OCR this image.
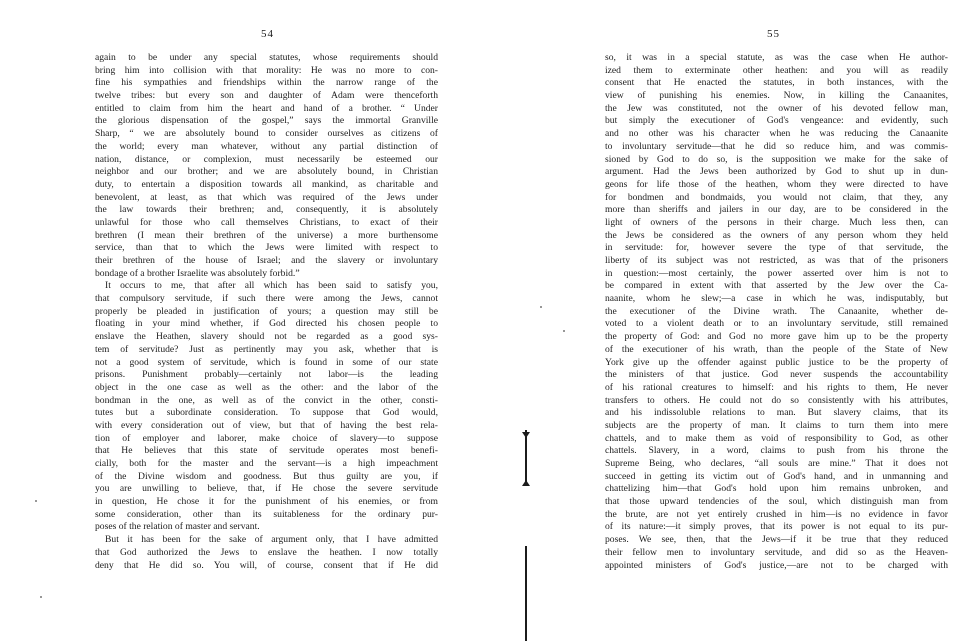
54
again to be under any special statutes, whose requirements should
bring him into collision with that morality: He was no more to con-
fine his sympathies and friendships within the narrow range of the
twelve tribes: but every son and daughter of Adam were thenceforth
entitled to claim from him the heart and hand of a brother. “ Under
the glorious dispensation of the gospel,” says the immortal Granville
Sharp, “ we are absolutely bound to consider ourselves as citizens of
the world; every man whatever, without any partial distinction of
nation, distance, or complexion, must necessarily be esteemed our
neighbor and our brother; and we are absolutely bound, in Christian
duty, to entertain a disposition towards all mankind, as charitable and
benevolent, at least, as that which was required of the Jews under
the law towards their brethren; and, consequently, it is absolutely
unlawful for those who call themselves Christians, to exact of their
brethren (I mean their brethren of the universe) a more burthensome
service, than that to which the Jews were limited with respect to
their brethren of the house of Israel; and the slavery or involuntary
bondage of a brother Israelite was absolutely forbid.”
It occurs to me, that after all which has been said to satisfy you,
that compulsory servitude, if such there were among the Jews, cannot
properly be pleaded in justification of yours; a question may still be
floating in your mind whether, if God directed his chosen people to
enslave the Heathen, slavery should not be regarded as a good sys-
tem of servitude? Just as pertinently may you ask, whether that is
not a good system of servitude, which is found in some of our state
prisons. Punishment probably—certainly not labor—is the leading
object in the one case as well as the other: and the labor of the
bondman in the one, as well as of the convict in the other, consti-
tutes but a subordinate consideration. To suppose that God would,
with every consideration out of view, but that of having the best rela-
tion of employer and laborer, make choice of slavery—to suppose
that He believes that this state of servitude operates most benefi-
cially, both for the master and the servant—is a high impeachment
of the Divine wisdom and goodness. But thus guilty are you, if
you are unwilling to believe, that, if He chose the severe servitude
in question, He chose it for the punishment of his enemies, or from
some consideration, other than its suitableness for the ordinary pur-
poses of the relation of master and servant.
But it has been for the sake of argument only, that I have admitted
that God authorized the Jews to enslave the heathen. I now totally
deny that He did so. You will, of course, consent that if He did
55
so, it was in a special statute, as was the case when He author-
ized them to exterminate other heathen: and you will as readily
consent that He enacted the statutes, in both instances, with the
view of punishing his enemies. Now, in killing the Canaanites,
the Jew was constituted, not the owner of his devoted fellow man,
but simply the executioner of God's vengeance: and evidently, such
and no other was his character when he was reducing the Canaanite
to involuntary servitude—that he did so reduce him, and was commis-
sioned by God to do so, is the supposition we make for the sake of
argument. Had the Jews been authorized by God to shut up in dun-
geons for life those of the heathen, whom they were directed to have
for bondmen and bondmaids, you would not claim, that they, any
more than sheriffs and jailers in our day, are to be considered in the
light of owners of the persons in their charge. Much less then, can
the Jews be considered as the owners of any person whom they held
in servitude: for, however severe the type of that servitude, the
liberty of its subject was not restricted, as was that of the prisoners
in question:—most certainly, the power asserted over him is not to
be compared in extent with that asserted by the Jew over the Ca-
naanite, whom he slew;—a case in which he was, indisputably, but
the executioner of the Divine wrath. The Canaanite, whether de-
voted to a violent death or to an involuntary servitude, still remained
the property of God: and God no more gave him up to be the property
of the executioner of his wrath, than the people of the State of New
York give up the offender against public justice to be the property of
the ministers of that justice. God never suspends the accountability
of his rational creatures to himself: and his rights to them, He never
transfers to others. He could not do so consistently with his attributes,
and his indissoluble relations to man. But slavery claims, that its
subjects are the property of man. It claims to turn them into mere
chattels, and to make them as void of responsibility to God, as other
chattels. Slavery, in a word, claims to push from his throne the
Supreme Being, who declares, “all souls are mine.” That it does not
succeed in getting its victim out of God's hand, and in unmanning and
chattelizing him—that God's hold upon him remains unbroken, and
that those upward tendencies of the soul, which distinguish man from
the brute, are not yet entirely crushed in him—is no evidence in favor
of its nature:—it simply proves, that its power is not equal to its pur-
poses. We see, then, that the Jews—if it be true that they reduced
their fellow men to involuntary servitude, and did so as the Heaven-
appointed ministers of God's justice,—are not to be charged with
